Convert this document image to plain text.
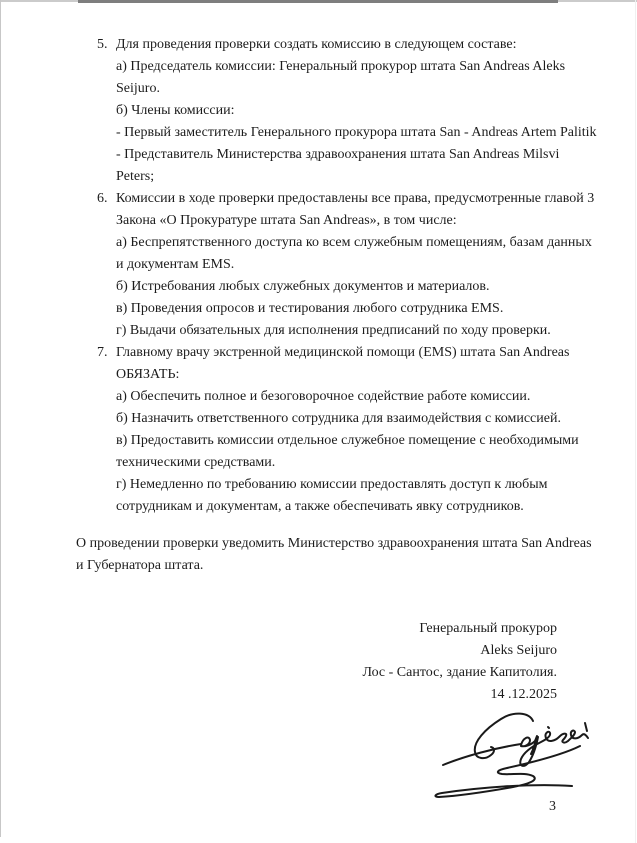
5. Для проведения проверки создать комиссию в следующем составе:
а) Председатель комиссии: Генеральный прокурор штата San Andreas Aleks
Seijuro.
б) Члены комиссии:
- Первый заместитель Генерального прокурора штата San - Andreas Artem Palitik
- Представитель Министерства здравоохранения штата San Andreas Milsvi
Peters;
6. Комиссии в ходе проверки предоставлены все права, предусмотренные главой 3
Закона «О Прокуратуре штата San Andreas», в том числе:
а) Беспрепятственного доступа ко всем служебным помещениям, базам данных
и документам EMS.
б) Истребования любых служебных документов и материалов.
в) Проведения опросов и тестирования любого сотрудника EMS.
г) Выдачи обязательных для исполнения предписаний по ходу проверки.
7. Главному врачу экстренной медицинской помощи (EMS) штата San Andreas
ОБЯЗАТЬ:
а) Обеспечить полное и безоговорочное содействие работе комиссии.
б) Назначить ответственного сотрудника для взаимодействия с комиссией.
в) Предоставить комиссии отдельное служебное помещение с необходимыми
техническими средствами.
г) Немедленно по требованию комиссии предоставлять доступ к любым
сотрудникам и документам, а также обеспечивать явку сотрудников.
О проведении проверки уведомить Министерство здравоохранения штата San Andreas
и Губернатора штата.
Генеральный прокурор
Aleks Seijuro
Лос - Сантос, здание Капитолия.
14 .12.2025
3
